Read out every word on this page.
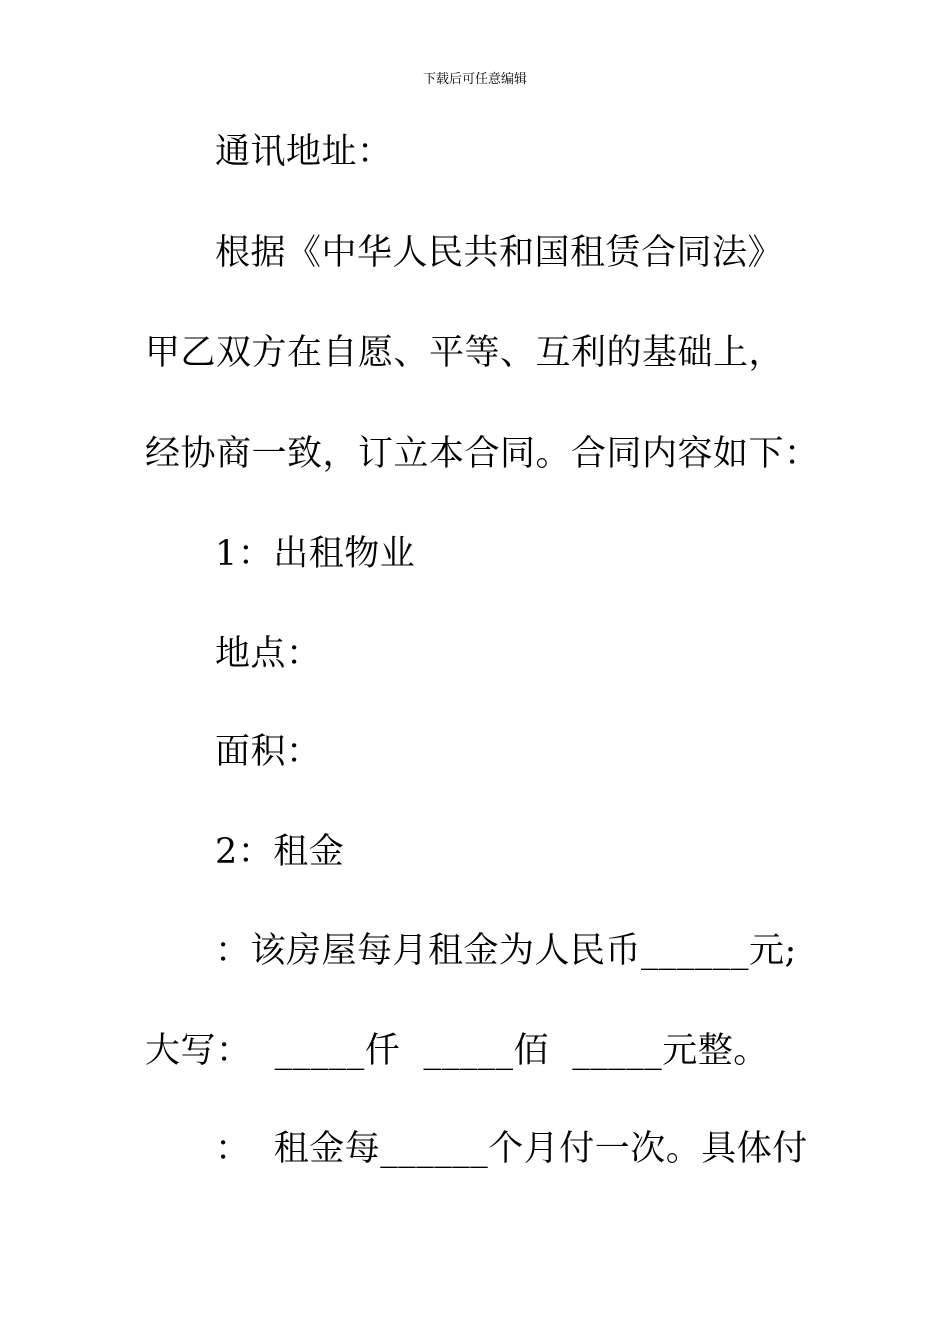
下载后可任意编辑
通讯地址：
根据《中华人民共和国租赁合同法》
甲乙双方在自愿、平等、互利的基础上，
经协商一致，订立本合同。合同内容如下：
1：出租物业
地点：
面积：
2：租金
：该房屋每月租金为人民币______元;
大写：  _____仟  _____佰  _____元整。
：  租金每______个月付一次。具体付
